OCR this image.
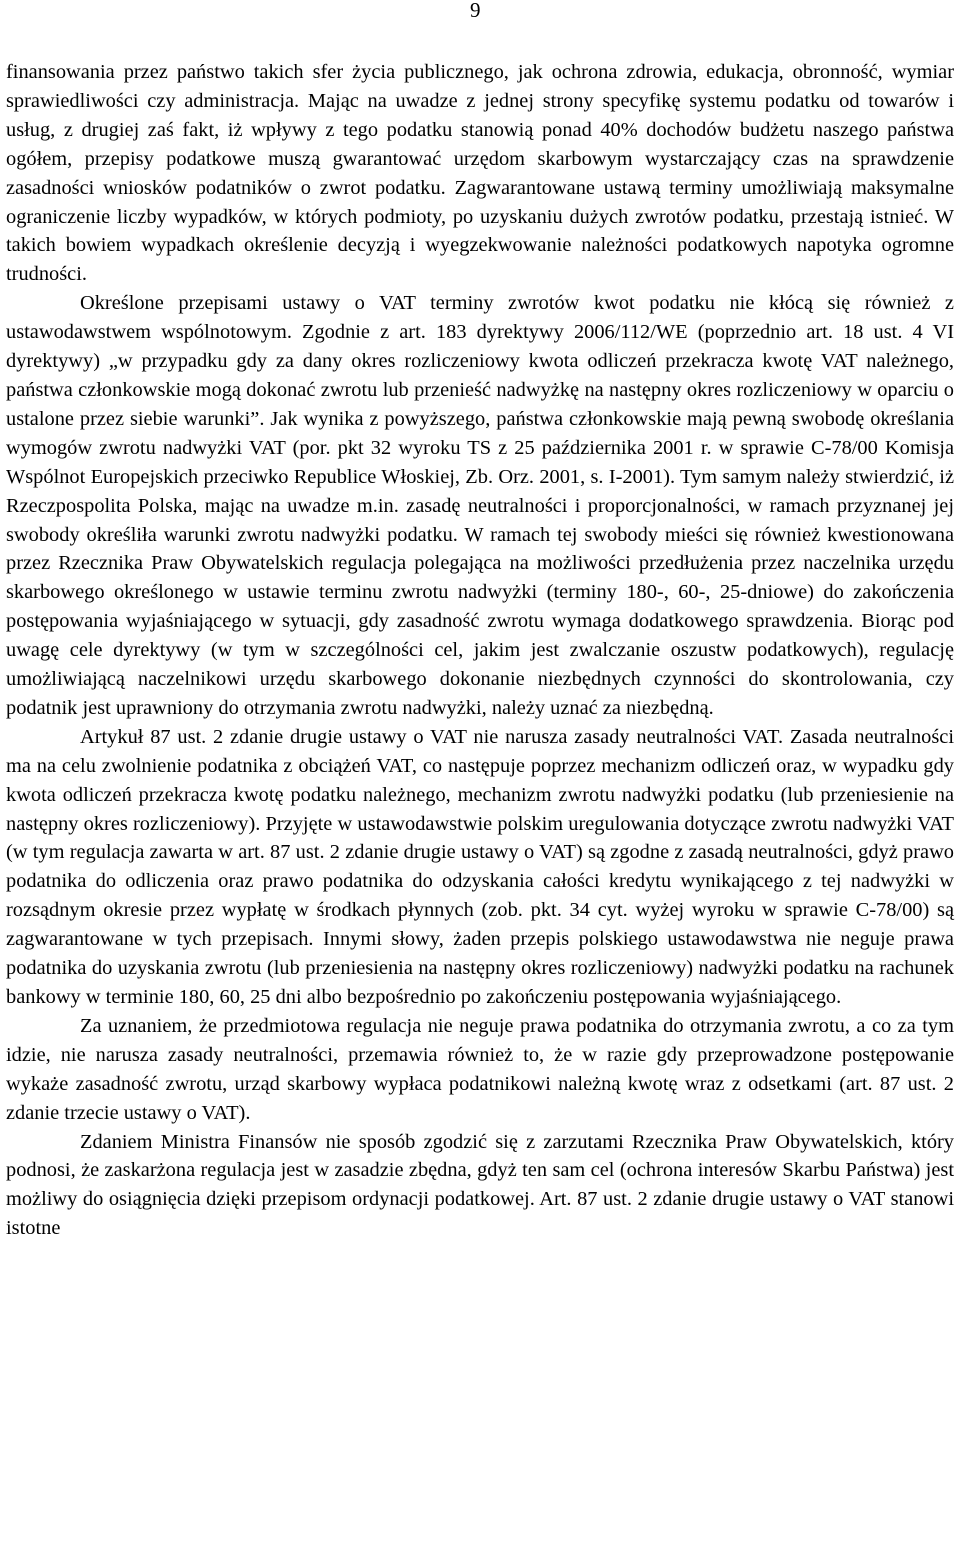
9

finansowania przez państwo takich sfer życia publicznego, jak ochrona zdrowia, edukacja, obronność, wymiar sprawiedliwości czy administracja. Mając na uwadze z jednej strony specyfikę systemu podatku od towarów i usług, z drugiej zaś fakt, iż wpływy z tego podatku stanowią ponad 40% dochodów budżetu naszego państwa ogółem, przepisy podatkowe muszą gwarantować urzędom skarbowym wystarczający czas na sprawdzenie zasadności wniosków podatników o zwrot podatku. Zagwarantowane ustawą terminy umożliwiają maksymalne ograniczenie liczby wypadków, w których podmioty, po uzyskaniu dużych zwrotów podatku, przestają istnieć. W takich bowiem wypadkach określenie decyzją i wyegzekwowanie należności podatkowych napotyka ogromne trudności.

Określone przepisami ustawy o VAT terminy zwrotów kwot podatku nie kłócą się również z ustawodawstwem wspólnotowym. Zgodnie z art. 183 dyrektywy 2006/112/WE (poprzednio art. 18 ust. 4 VI dyrektywy) „w przypadku gdy za dany okres rozliczeniowy kwota odliczeń przekracza kwotę VAT należnego, państwa członkowskie mogą dokonać zwrotu lub przenieść nadwyżkę na następny okres rozliczeniowy w oparciu o ustalone przez siebie warunki”. Jak wynika z powyższego, państwa członkowskie mają pewną swobodę określania wymogów zwrotu nadwyżki VAT (por. pkt 32 wyroku TS z 25 października 2001 r. w sprawie C-78/00 Komisja Wspólnot Europejskich przeciwko Republice Włoskiej, Zb. Orz. 2001, s. I-2001). Tym samym należy stwierdzić, iż Rzeczpospolita Polska, mając na uwadze m.in. zasadę neutralności i proporcjonalności, w ramach przyznanej jej swobody określiła warunki zwrotu nadwyżki podatku. W ramach tej swobody mieści się również kwestionowana przez Rzecznika Praw Obywatelskich regulacja polegająca na możliwości przedłużenia przez naczelnika urzędu skarbowego określonego w ustawie terminu zwrotu nadwyżki (terminy 180-, 60-, 25-dniowe) do zakończenia postępowania wyjaśniającego w sytuacji, gdy zasadność zwrotu wymaga dodatkowego sprawdzenia. Biorąc pod uwagę cele dyrektywy (w tym w szczególności cel, jakim jest zwalczanie oszustw podatkowych), regulację umożliwiającą naczelnikowi urzędu skarbowego dokonanie niezbędnych czynności do skontrolowania, czy podatnik jest uprawniony do otrzymania zwrotu nadwyżki, należy uznać za niezbędną.

Artykuł 87 ust. 2 zdanie drugie ustawy o VAT nie narusza zasady neutralności VAT. Zasada neutralności ma na celu zwolnienie podatnika z obciążeń VAT, co następuje poprzez mechanizm odliczeń oraz, w wypadku gdy kwota odliczeń przekracza kwotę podatku należnego, mechanizm zwrotu nadwyżki podatku (lub przeniesienie na następny okres rozliczeniowy). Przyjęte w ustawodawstwie polskim uregulowania dotyczące zwrotu nadwyżki VAT (w tym regulacja zawarta w art. 87 ust. 2 zdanie drugie ustawy o VAT) są zgodne z zasadą neutralności, gdyż prawo podatnika do odliczenia oraz prawo podatnika do odzyskania całości kredytu wynikającego z tej nadwyżki w rozsądnym okresie przez wypłatę w środkach płynnych (zob. pkt. 34 cyt. wyżej wyroku w sprawie C-78/00) są zagwarantowane w tych przepisach. Innymi słowy, żaden przepis polskiego ustawodawstwa nie neguje prawa podatnika do uzyskania zwrotu (lub przeniesienia na następny okres rozliczeniowy) nadwyżki podatku na rachunek bankowy w terminie 180, 60, 25 dni albo bezpośrednio po zakończeniu postępowania wyjaśniającego.

Za uznaniem, że przedmiotowa regulacja nie neguje prawa podatnika do otrzymania zwrotu, a co za tym idzie, nie narusza zasady neutralności, przemawia również to, że w razie gdy przeprowadzone postępowanie wykaże zasadność zwrotu, urząd skarbowy wypłaca podatnikowi należną kwotę wraz z odsetkami (art. 87 ust. 2 zdanie trzecie ustawy o VAT).

Zdaniem Ministra Finansów nie sposób zgodzić się z zarzutami Rzecznika Praw Obywatelskich, który podnosi, że zaskarżona regulacja jest w zasadzie zbędna, gdyż ten sam cel (ochrona interesów Skarbu Państwa) jest możliwy do osiągnięcia dzięki przepisom ordynacji podatkowej. Art. 87 ust. 2 zdanie drugie ustawy o VAT stanowi istotne
